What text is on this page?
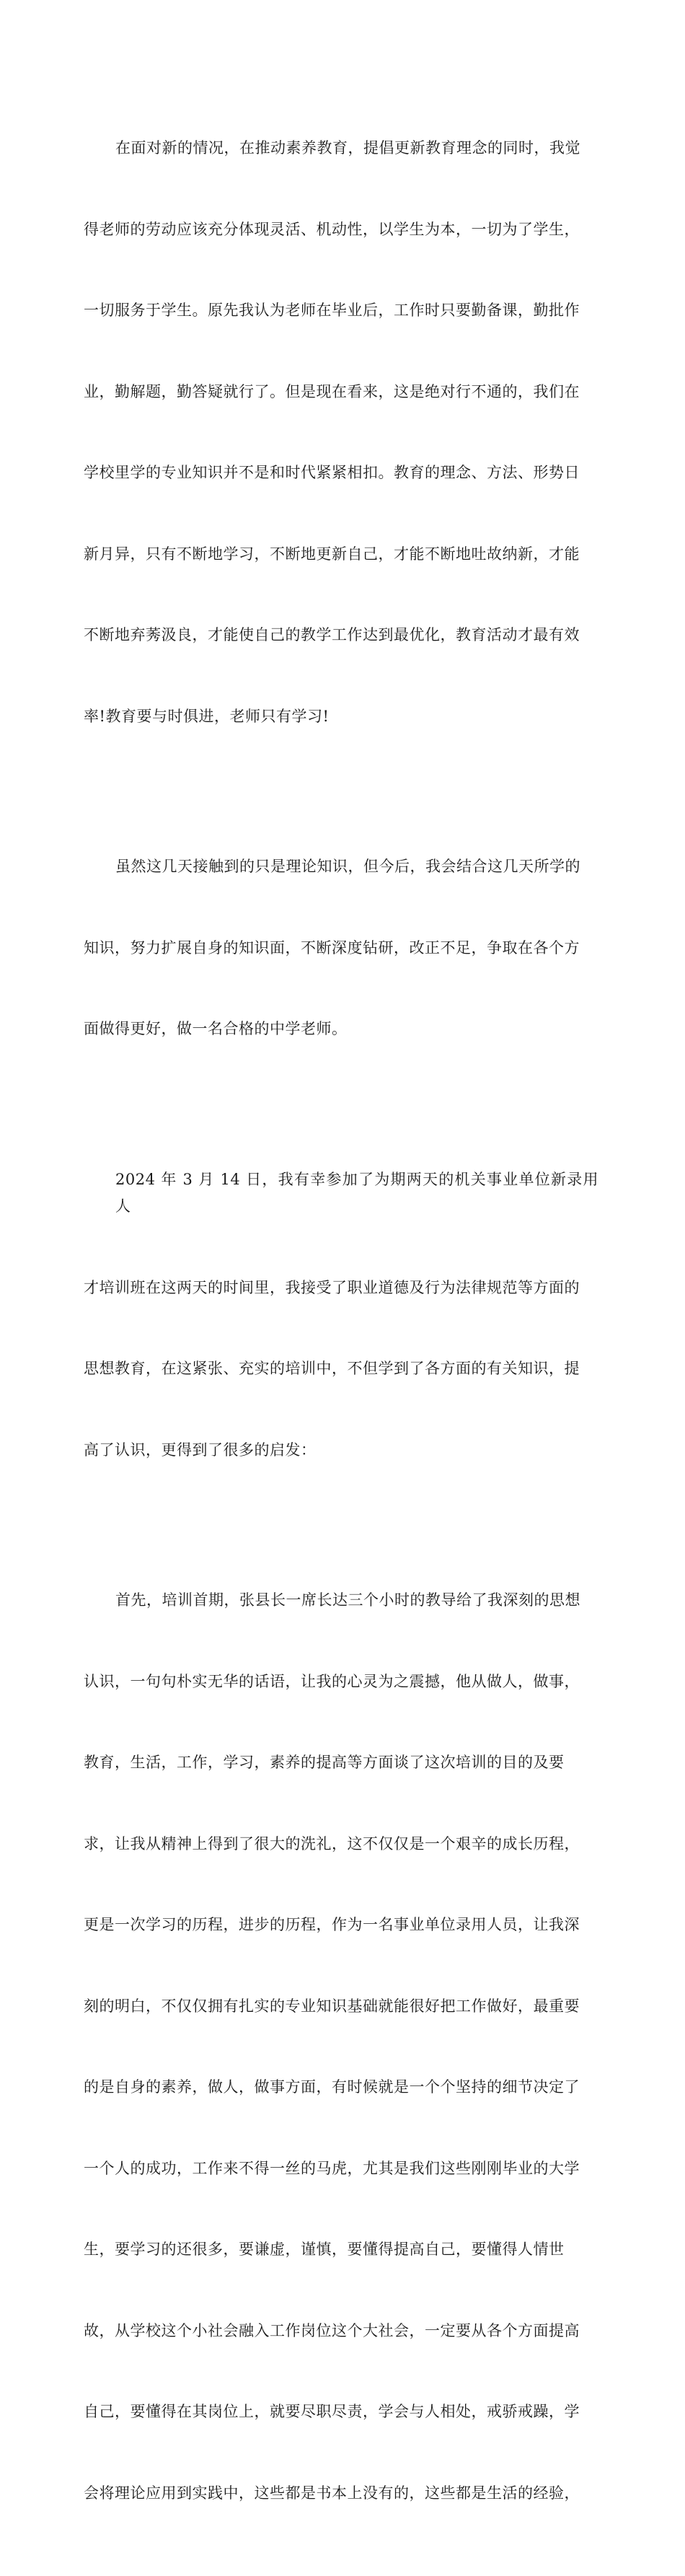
在面对新的情况，在推动素养教育，提倡更新教育理念的同时，我觉

得老师的劳动应该充分体现灵活、机动性，以学生为本，一切为了学生，

一切服务于学生。原先我认为老师在毕业后，工作时只要勤备课，勤批作

业，勤解题，勤答疑就行了。但是现在看来，这是绝对行不通的，我们在

学校里学的专业知识并不是和时代紧紧相扣。教育的理念、方法、形势日

新月异，只有不断地学习，不断地更新自己，才能不断地吐故纳新，才能

不断地弃莠汲良，才能使自己的教学工作达到最优化，教育活动才最有效

率!教育要与时俱进，老师只有学习!

虽然这几天接触到的只是理论知识，但今后，我会结合这几天所学的

知识，努力扩展自身的知识面，不断深度钻研，改正不足，争取在各个方

面做得更好，做一名合格的中学老师。

2024 年 3 月 14 日，我有幸参加了为期两天的机关事业单位新录用人

才培训班在这两天的时间里，我接受了职业道德及行为法律规范等方面的

思想教育，在这紧张、充实的培训中，不但学到了各方面的有关知识，提

高了认识，更得到了很多的启发：

首先，培训首期，张县长一席长达三个小时的教导给了我深刻的思想

认识，一句句朴实无华的话语，让我的心灵为之震撼，他从做人，做事，

教育，生活，工作，学习，素养的提高等方面谈了这次培训的目的及要

求，让我从精神上得到了很大的洗礼，这不仅仅是一个艰辛的成长历程，

更是一次学习的历程，进步的历程，作为一名事业单位录用人员，让我深

刻的明白，不仅仅拥有扎实的专业知识基础就能很好把工作做好，最重要

的是自身的素养，做人，做事方面，有时候就是一个个坚持的细节决定了

一个人的成功，工作来不得一丝的马虎，尤其是我们这些刚刚毕业的大学

生，要学习的还很多，要谦虚，谨慎，要懂得提高自己，要懂得人情世

故，从学校这个小社会融入工作岗位这个大社会，一定要从各个方面提高

自己，要懂得在其岗位上，就要尽职尽责，学会与人相处，戒骄戒躁，学

会将理论应用到实践中，这些都是书本上没有的，这些都是生活的经验，
